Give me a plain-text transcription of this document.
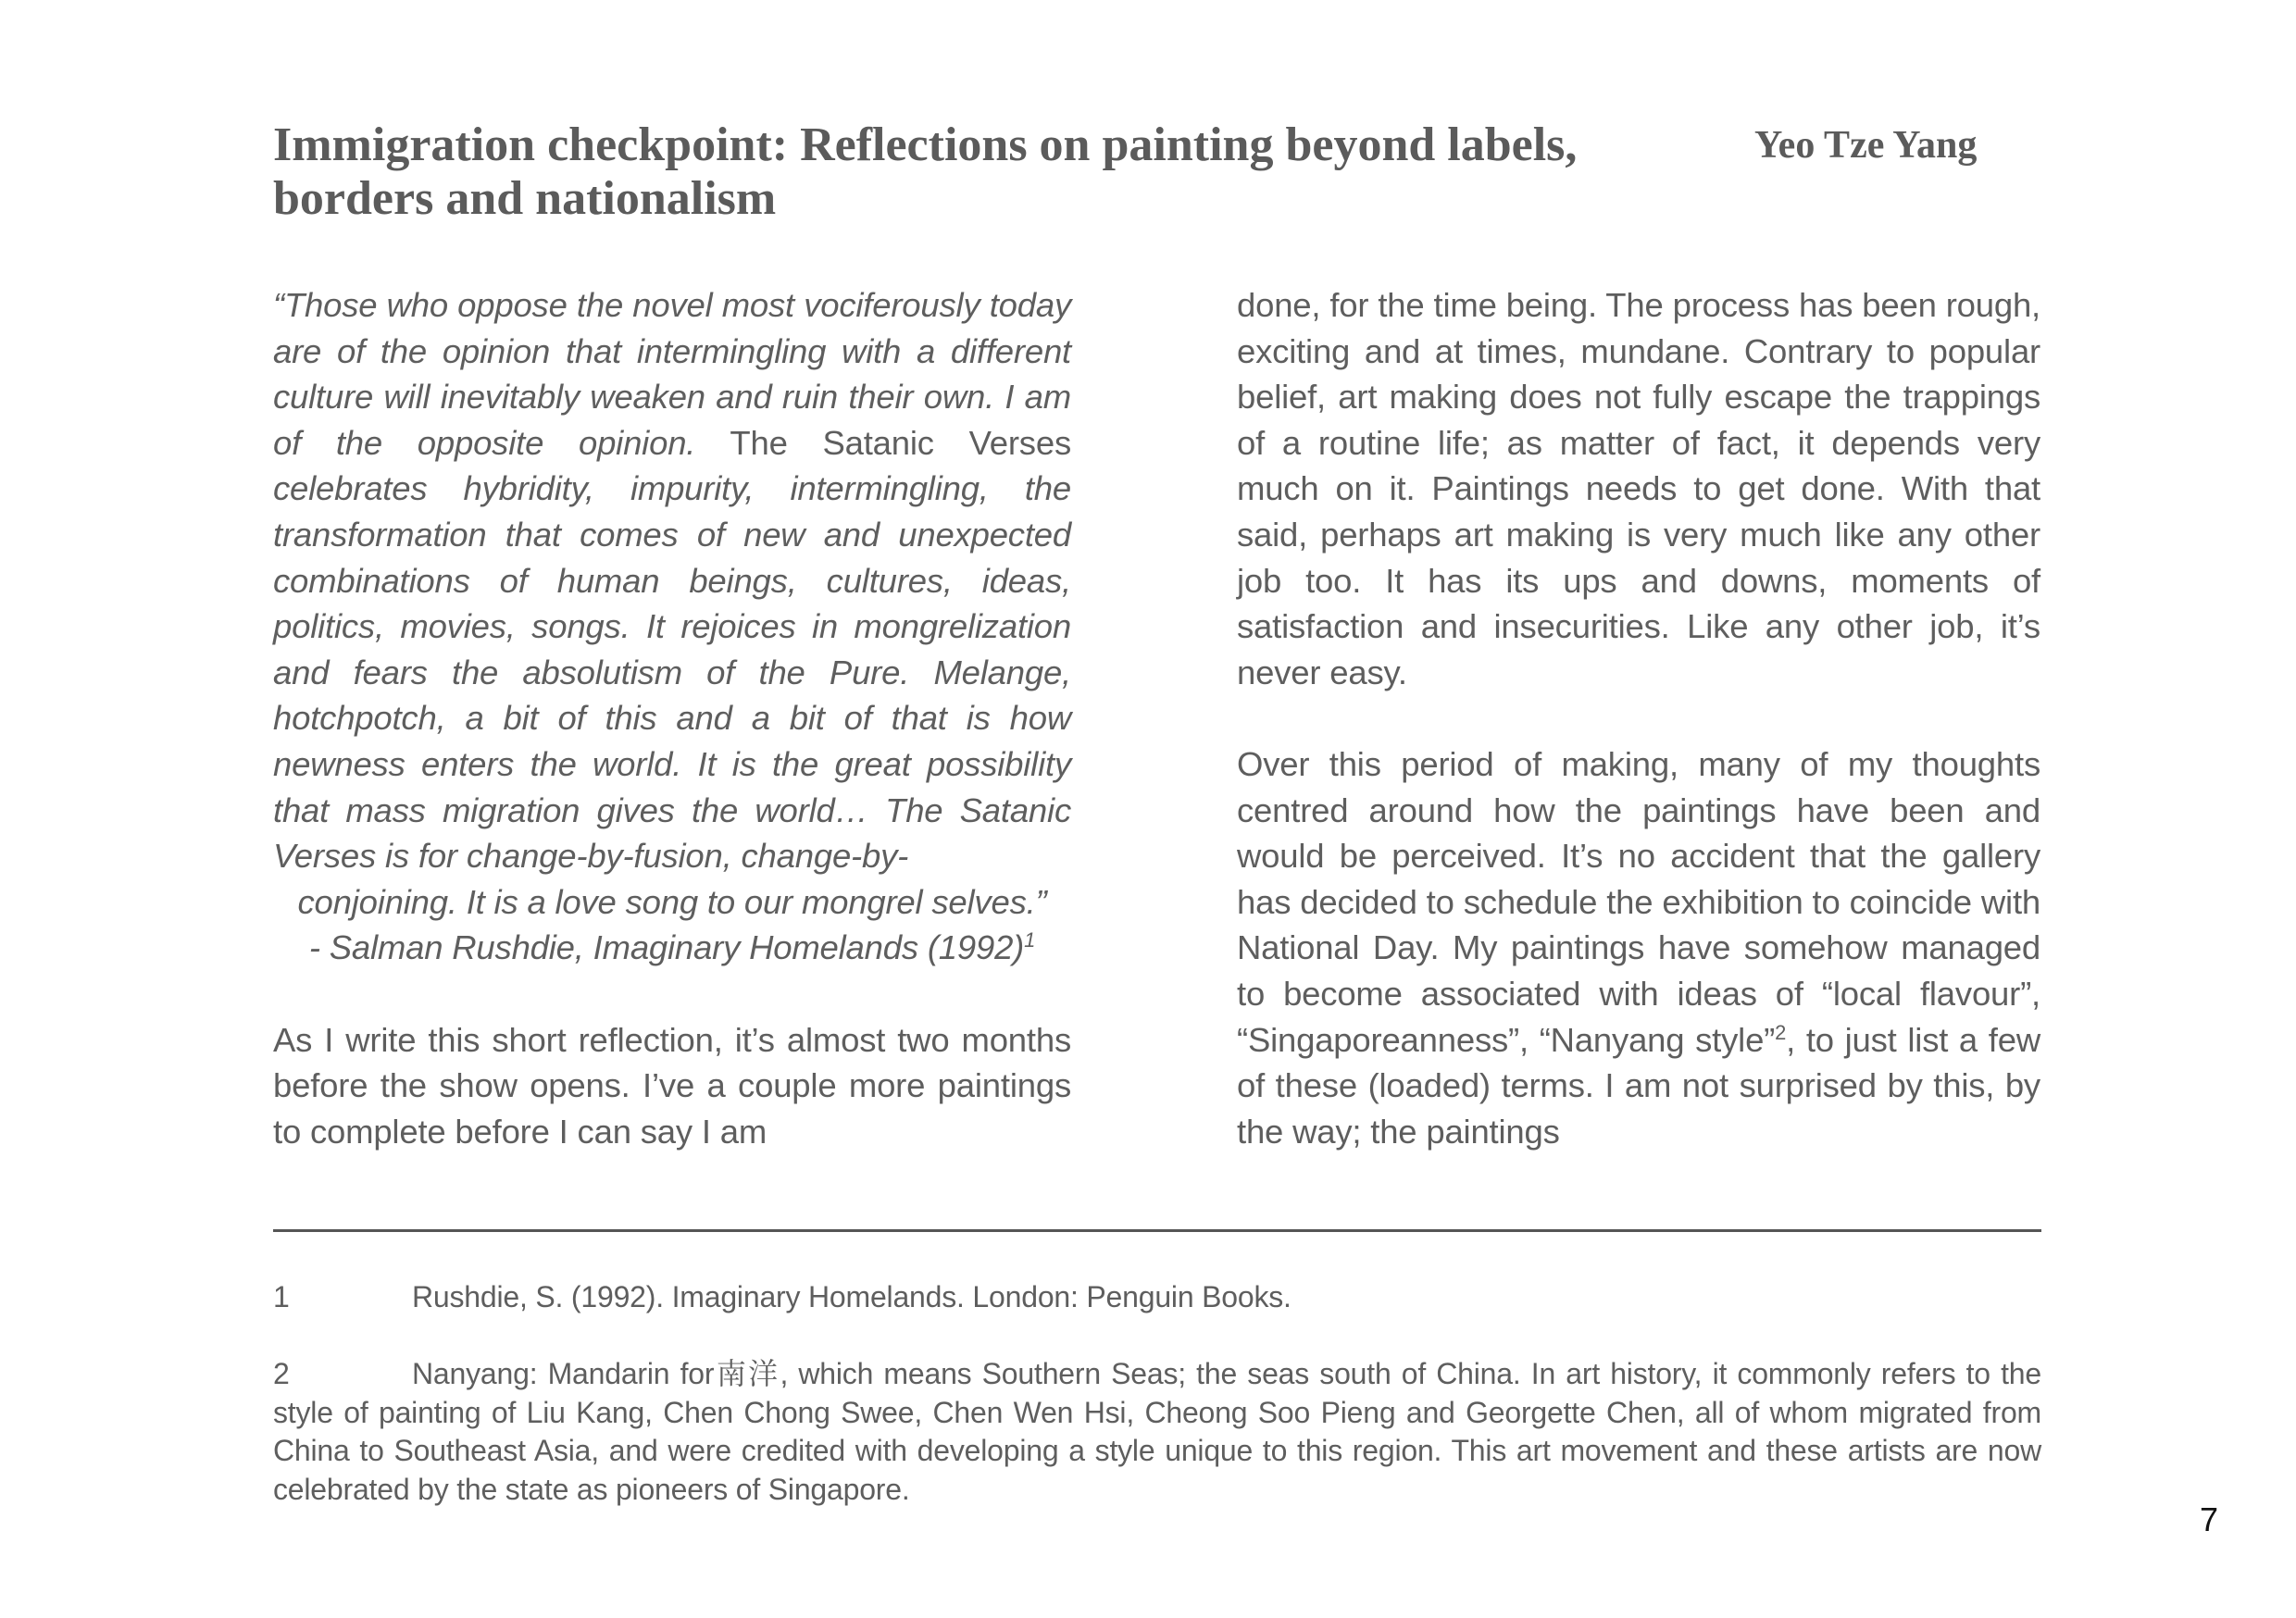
Immigration checkpoint: Reflections on painting beyond labels, borders and nationalism
Yeo Tze Yang

“Those who oppose the novel most vociferously today are of the opinion that intermingling with a different culture will inevitably weaken and ruin their own. I am of the opposite opinion. The Satanic Verses celebrates hybridity, impurity, intermingling, the transformation that comes of new and unexpected combinations of human beings, cultures, ideas, politics, movies, songs. It rejoices in mongrelization and fears the absolutism of the Pure. Melange, hotchpotch, a bit of this and a bit of that is how newness enters the world. It is the great possibility that mass migration gives the world… The Satanic Verses is for change-by-fusion, change-by-
conjoining. It is a love song to our mongrel selves.”
- Salman Rushdie, Imaginary Homelands $(1992)^1$

As I write this short reflection, it’s almost two months before the show opens. I’ve a couple more paintings to complete before I can say I am

done, for the time being. The process has been rough, exciting and at times, mundane. Contrary to popular belief, art making does not fully escape the trappings of a routine life; as matter of fact, it depends very much on it. Paintings needs to get done. With that said, perhaps art making is very much like any other job too. It has its ups and downs, moments of satisfaction and insecurities. Like any other job, it’s never easy.

Over this period of making, many of my thoughts centred around how the paintings have been and would be perceived. It’s no accident that the gallery has decided to schedule the exhibition to coincide with National Day. My paintings have somehow managed to become associated with ideas of “local flavour”, “Singaporeanness”, “Nanyang style”$^2$, to just list a few of these (loaded) terms. I am not surprised by this, by the way; the paintings

1	Rushdie, S. (1992). Imaginary Homelands. London: Penguin Books.
2	Nanyang: Mandarin for南洋, which means Southern Seas; the seas south of China. In art history, it commonly refers to the style of painting of Liu Kang, Chen Chong Swee, Chen Wen Hsi, Cheong Soo Pieng and Georgette Chen, all of whom migrated from China to Southeast Asia, and were credited with developing a style unique to this region. This art movement and these artists are now celebrated by the state as pioneers of Singapore.
7
